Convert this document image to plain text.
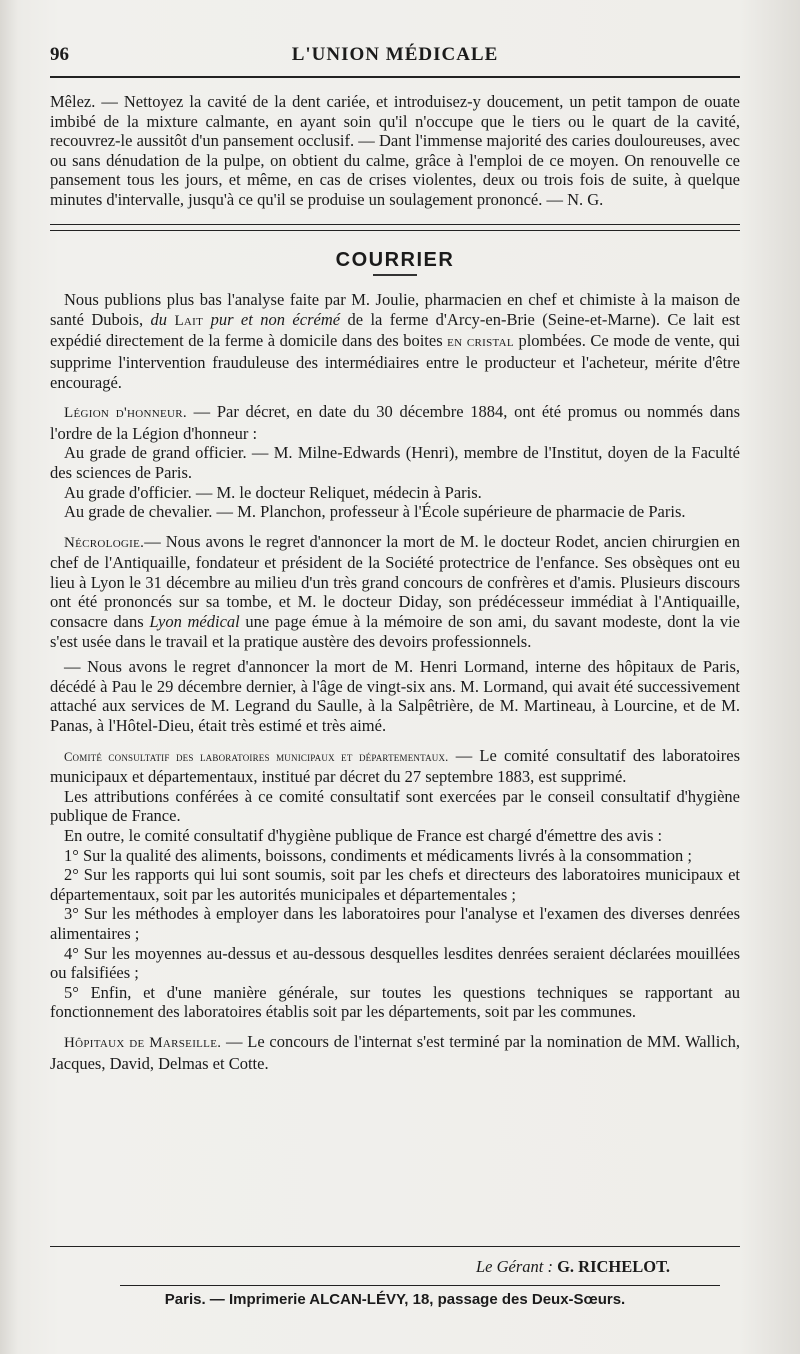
96	L'UNION MÉDICALE

Mêlez. — Nettoyez la cavité de la dent cariée, et introduisez-y doucement, un petit tampon de ouate imbibé de la mixture calmante, en ayant soin qu'il n'occupe que le tiers ou le quart de la cavité, recouvrez-le aussitôt d'un pansement occlusif. — Dant l'immense majorité des caries douloureuses, avec ou sans dénudation de la pulpe, on obtient du calme, grâce à l'emploi de ce moyen. On renouvelle ce pansement tous les jours, et même, en cas de crises violentes, deux ou trois fois de suite, à quelque minutes d'intervalle, jusqu'à ce qu'il se produise un soulagement prononcé. — N. G.

COURRIER

Nous publions plus bas l'analyse faite par M. Joulie, pharmacien en chef et chimiste à la maison de santé Dubois, du Lait pur et non écrémé de la ferme d'Arcy-en-Brie (Seine-et-Marne). Ce lait est expédié directement de la ferme à domicile dans des boites en cristal plombées. Ce mode de vente, qui supprime l'intervention frauduleuse des intermédiaires entre le producteur et l'acheteur, mérite d'être encouragé.

Légion d'honneur. — Par décret, en date du 30 décembre 1884, ont été promus ou nommés dans l'ordre de la Légion d'honneur :

Au grade de grand officier. — M. Milne-Edwards (Henri), membre de l'Institut, doyen de la Faculté des sciences de Paris.

Au grade d'officier. — M. le docteur Reliquet, médecin à Paris.

Au grade de chevalier. — M. Planchon, professeur à l'École supérieure de pharmacie de Paris.

Nécrologie.— Nous avons le regret d'annoncer la mort de M. le docteur Rodet, ancien chirurgien en chef de l'Antiquaille, fondateur et président de la Société protectrice de l'enfance. Ses obsèques ont eu lieu à Lyon le 31 décembre au milieu d'un très grand concours de confrères et d'amis. Plusieurs discours ont été prononcés sur sa tombe, et M. le docteur Diday, son prédécesseur immédiat à l'Antiquaille, consacre dans Lyon médical une page émue à la mémoire de son ami, du savant modeste, dont la vie s'est usée dans le travail et la pratique austère des devoirs professionnels.

— Nous avons le regret d'annoncer la mort de M. Henri Lormand, interne des hôpitaux de Paris, décédé à Pau le 29 décembre dernier, à l'âge de vingt-six ans. M. Lormand, qui avait été successivement attaché aux services de M. Legrand du Saulle, à la Salpêtrière, de M. Martineau, à Lourcine, et de M. Panas, à l'Hôtel-Dieu, était très estimé et très aimé.

Comité consultatif des laboratoires municipaux et départementaux. — Le comité consultatif des laboratoires municipaux et départementaux, institué par décret du 27 septembre 1883, est supprimé.

Les attributions conférées à ce comité consultatif sont exercées par le conseil consultatif d'hygiène publique de France.

En outre, le comité consultatif d'hygiène publique de France est chargé d'émettre des avis :

1° Sur la qualité des aliments, boissons, condiments et médicaments livrés à la consommation ;

2° Sur les rapports qui lui sont soumis, soit par les chefs et directeurs des laboratoires municipaux et départementaux, soit par les autorités municipales et départementales ;

3° Sur les méthodes à employer dans les laboratoires pour l'analyse et l'examen des diverses denrées alimentaires ;

4° Sur les moyennes au-dessus et au-dessous desquelles lesdites denrées seraient déclarées mouillées ou falsifiées ;

5° Enfin, et d'une manière générale, sur toutes les questions techniques se rapportant au fonctionnement des laboratoires établis soit par les départements, soit par les communes.

Hôpitaux de Marseille. — Le concours de l'internat s'est terminé par la nomination de MM. Wallich, Jacques, David, Delmas et Cotte.

Le Gérant : G. RICHELOT.
Paris. — Imprimerie ALCAN-LÉVY, 18, passage des Deux-Sœurs.
